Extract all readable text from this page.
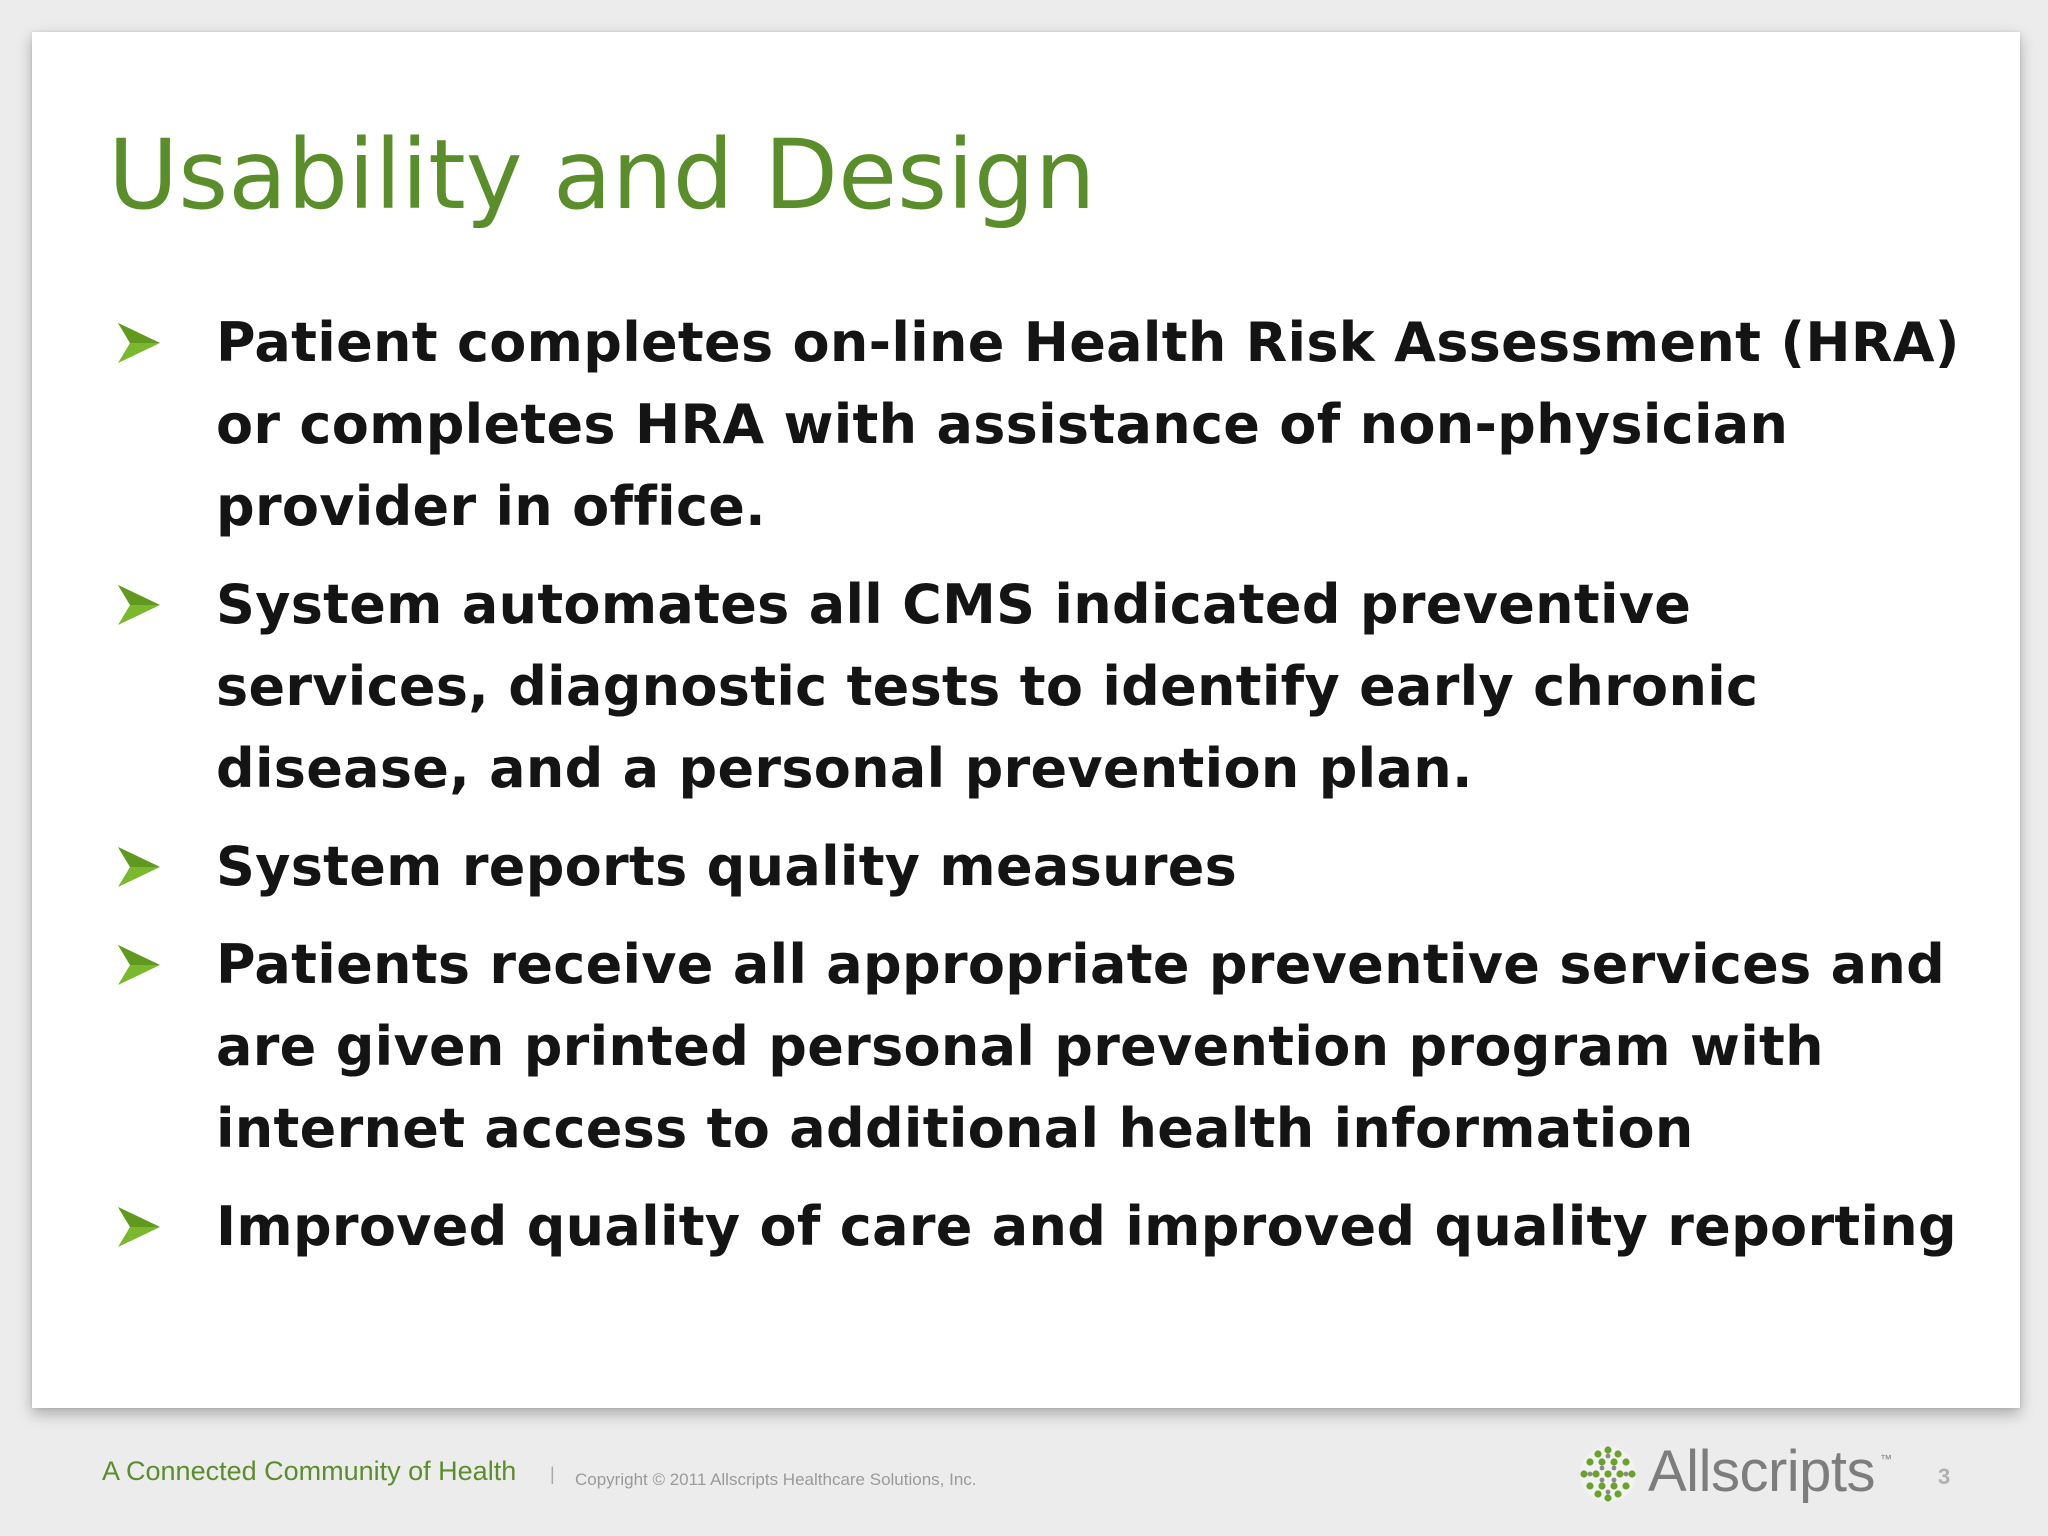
Usability and Design
Patient completes on-line Health Risk Assessment (HRA) or completes HRA with assistance of non-physician provider in office.
System automates all CMS indicated preventive services, diagnostic tests to identify early chronic disease, and a personal prevention plan.
System reports quality measures
Patients receive all appropriate preventive services and are given printed personal prevention program with internet access to additional health information
Improved quality of care and improved quality reporting
A Connected Community of Health | Copyright © 2011 Allscripts Healthcare Solutions, Inc.	Allscripts ™
3
